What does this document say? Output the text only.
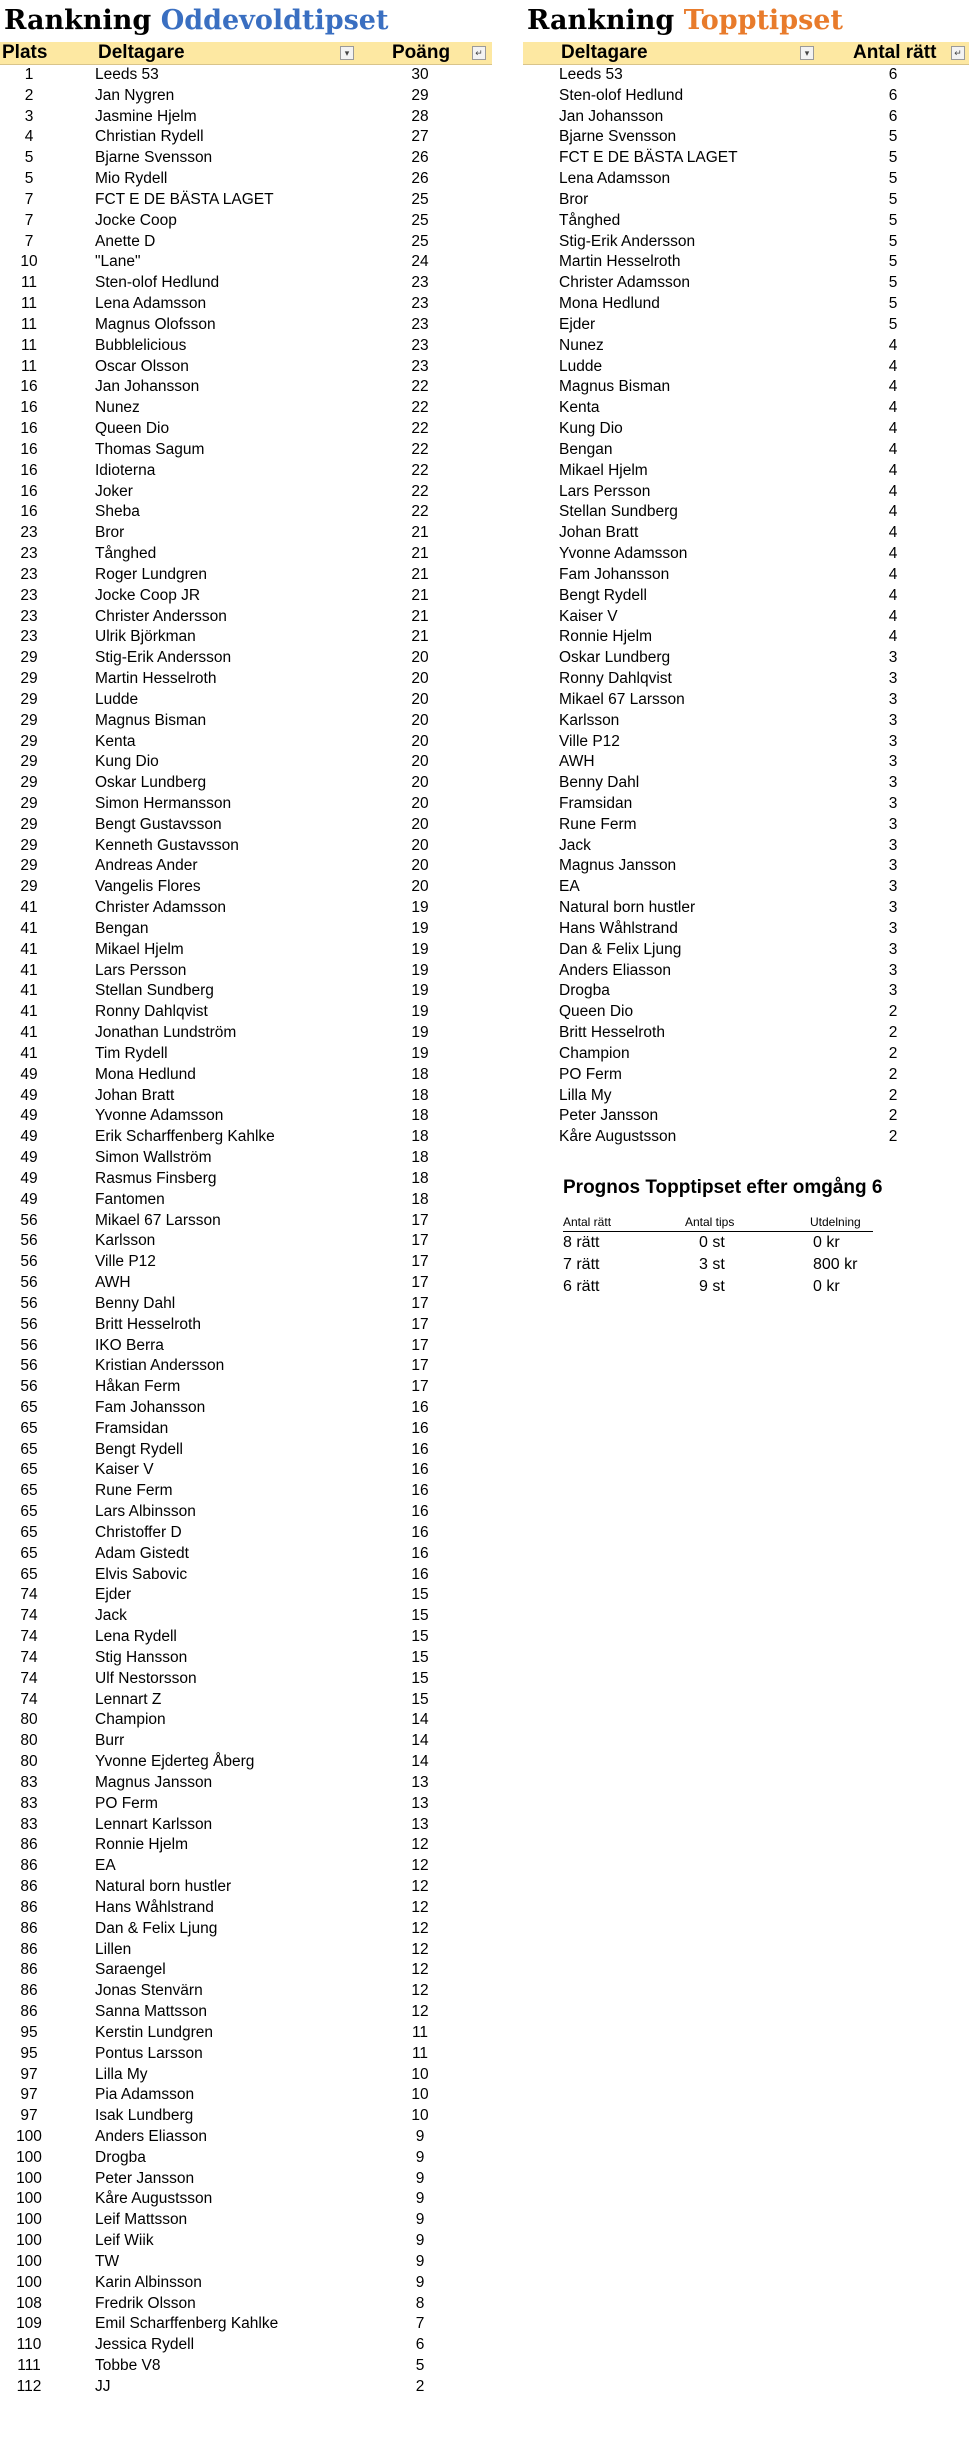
Rankning Oddevoldtipset
Plats	Deltagare	▾ Poäng	↵
1	Leeds 53	30
2	Jan Nygren	29
3	Jasmine Hjelm	28
4	Christian Rydell	27
5	Bjarne Svensson	26
5	Mio Rydell	26
7	FCT E DE BÄSTA LAGET	25
7	Jocke Coop	25
7	Anette D	25
10	"Lane"	24
11	Sten-olof Hedlund	23
11	Lena Adamsson	23
11	Magnus Olofsson	23
11	Bubblelicious	23
11	Oscar Olsson	23
16	Jan Johansson	22
16	Nunez	22
16	Queen Dio	22
16	Thomas Sagum	22
16	Idioterna	22
16	Joker	22
16	Sheba	22
23	Bror	21
23	Tånghed	21
23	Roger Lundgren	21
23	Jocke Coop JR	21
23	Christer Andersson	21
23	Ulrik Björkman	21
29	Stig-Erik Andersson	20
29	Martin Hesselroth	20
29	Ludde	20
29	Magnus Bisman	20
29	Kenta	20
29	Kung Dio	20
29	Oskar Lundberg	20
29	Simon Hermansson	20
29	Bengt Gustavsson	20
29	Kenneth Gustavsson	20
29	Andreas Ander	20
29	Vangelis Flores	20
41	Christer Adamsson	19
41	Bengan	19
41	Mikael Hjelm	19
41	Lars Persson	19
41	Stellan Sundberg	19
41	Ronny Dahlqvist	19
41	Jonathan Lundström	19
41	Tim Rydell	19
49	Mona Hedlund	18
49	Johan Bratt	18
49	Yvonne Adamsson	18
49	Erik Scharffenberg Kahlke	18
49	Simon Wallström	18
49	Rasmus Finsberg	18
49	Fantomen	18
56	Mikael 67 Larsson	17
56	Karlsson	17
56	Ville P12	17
56	AWH	17
56	Benny Dahl	17
56	Britt Hesselroth	17
56	IKO Berra	17
56	Kristian Andersson	17
56	Håkan Ferm	17
65	Fam Johansson	16
65	Framsidan	16
65	Bengt Rydell	16
65	Kaiser V	16
65	Rune Ferm	16
65	Lars Albinsson	16
65	Christoffer D	16
65	Adam Gistedt	16
65	Elvis Sabovic	16
74	Ejder	15
74	Jack	15
74	Lena Rydell	15
74	Stig Hansson	15
74	Ulf Nestorsson	15
74	Lennart Z	15
80	Champion	14
80	Burr	14
80	Yvonne Ejderteg Åberg	14
83	Magnus Jansson	13
83	PO Ferm	13
83	Lennart Karlsson	13
86	Ronnie Hjelm	12
86	EA	12
86	Natural born hustler	12
86	Hans Wåhlstrand	12
86	Dan & Felix Ljung	12
86	Lillen	12
86	Saraengel	12
86	Jonas Stenvärn	12
86	Sanna Mattsson	12
95	Kerstin Lundgren	11
95	Pontus Larsson	11
97	Lilla My	10
97	Pia Adamsson	10
97	Isak Lundberg	10
100	Anders Eliasson	9
100	Drogba	9
100	Peter Jansson	9
100	Kåre Augustsson	9
100	Leif Mattsson	9
100	Leif Wiik	9
100	TW	9
100	Karin Albinsson	9
108	Fredrik Olsson	8
109	Emil Scharffenberg Kahlke	7
110	Jessica Rydell	6
111	Tobbe V8	5
112	JJ	2
Rankning Topptipset
Deltagare	▾ Antal rätt	↵
Leeds 53	6
Sten-olof Hedlund	6
Jan Johansson	6
Bjarne Svensson	5
FCT E DE BÄSTA LAGET	5
Lena Adamsson	5
Bror	5
Tånghed	5
Stig-Erik Andersson	5
Martin Hesselroth	5
Christer Adamsson	5
Mona Hedlund	5
Ejder	5
Nunez	4
Ludde	4
Magnus Bisman	4
Kenta	4
Kung Dio	4
Bengan	4
Mikael Hjelm	4
Lars Persson	4
Stellan Sundberg	4
Johan Bratt	4
Yvonne Adamsson	4
Fam Johansson	4
Bengt Rydell	4
Kaiser V	4
Ronnie Hjelm	4
Oskar Lundberg	3
Ronny Dahlqvist	3
Mikael 67 Larsson	3
Karlsson	3
Ville P12	3
AWH	3
Benny Dahl	3
Framsidan	3
Rune Ferm	3
Jack	3
Magnus Jansson	3
EA	3
Natural born hustler	3
Hans Wåhlstrand	3
Dan & Felix Ljung	3
Anders Eliasson	3
Drogba	3
Queen Dio	2
Britt Hesselroth	2
Champion	2
PO Ferm	2
Lilla My	2
Peter Jansson	2
Kåre Augustsson	2
Prognos Topptipset efter omgång 6
Antal rätt	Antal tips	Utdelning
8 rätt	0 st	0 kr
7 rätt	3 st	800 kr
6 rätt	9 st	0 kr
